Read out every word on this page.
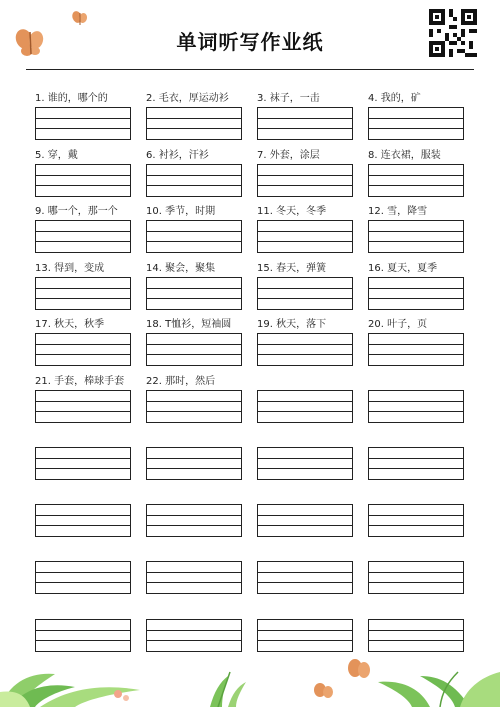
单词听写作业纸
1. 谁的，哪个的	2. 毛衣，厚运动衫	3. 袜子，一击	4. 我的，矿
5. 穿，戴	6. 衬衫，汗衫	7. 外套，涂层	8. 连衣裙，服装
9. 哪一个，那一个	10. 季节，时期	11. 冬天，冬季	12. 雪，降雪
13. 得到，变成	14. 聚会，聚集	15. 春天，弹簧	16. 夏天，夏季
17. 秋天，秋季	18. T恤衫，短袖圆	19. 秋天，落下	20. 叶子，页
21. 手套，棒球手套 22. 那时，然后
